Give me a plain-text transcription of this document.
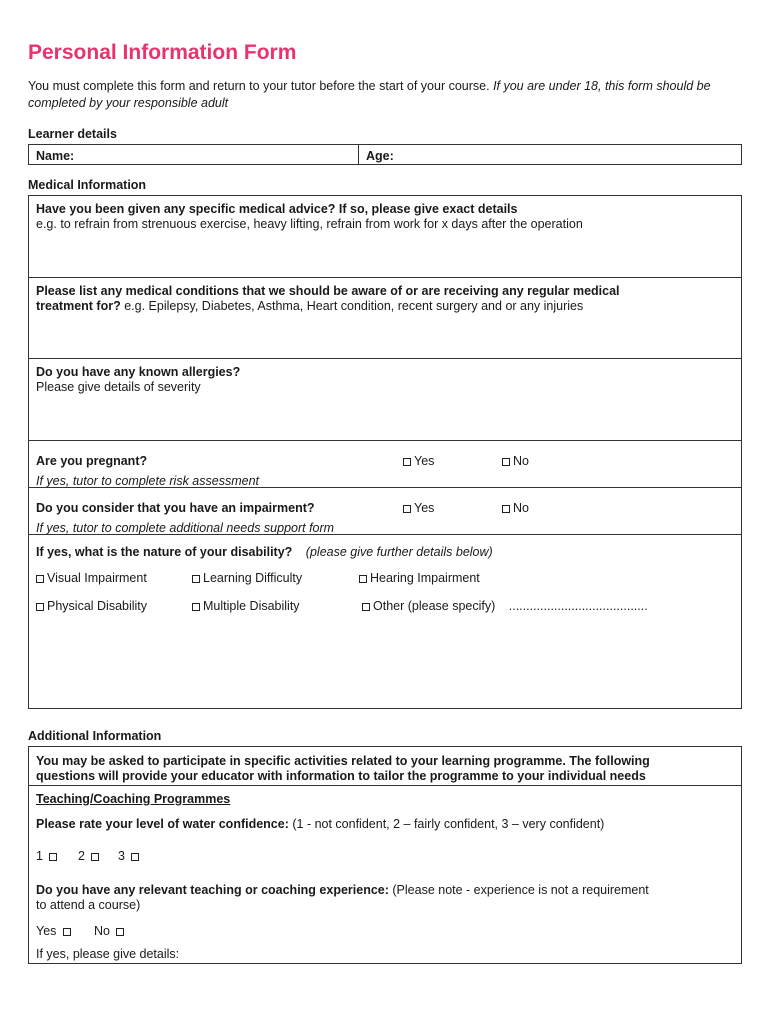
Personal Information Form
You must complete this form and return to your tutor before the start of your course. If you are under 18, this form should be completed by your responsible adult
Learner details
Name:	Age:
Medical Information
Have you been given any specific medical advice? If so, please give exact details
e.g. to refrain from strenuous exercise, heavy lifting, refrain from work for x days after the operation
Please list any medical conditions that we should be aware of or are receiving any regular medical
treatment for? e.g. Epilepsy, Diabetes, Asthma, Heart condition, recent surgery and or any injuries
Do you have any known allergies?
Please give details of severity
Are you pregnant?	Yes	No
If yes, tutor to complete risk assessment
Do you consider that you have an impairment?	Yes	No
If yes, tutor to complete additional needs support form
If yes, what is the nature of your disability? (please give further details below)
Visual Impairment	Learning Difficulty	Hearing Impairment
Physical Disability	Multiple Disability	Other (please specify) ........................................
Additional Information
You may be asked to participate in specific activities related to your learning programme. The following
questions will provide your educator with information to tailor the programme to your individual needs
Teaching/Coaching Programmes
Please rate your level of water confidence: (1 - not confident, 2 – fairly confident, 3 – very confident)
1	2	3
Do you have any relevant teaching or coaching experience: (Please note - experience is not a requirement
to attend a course)
Yes	No
If yes, please give details:
